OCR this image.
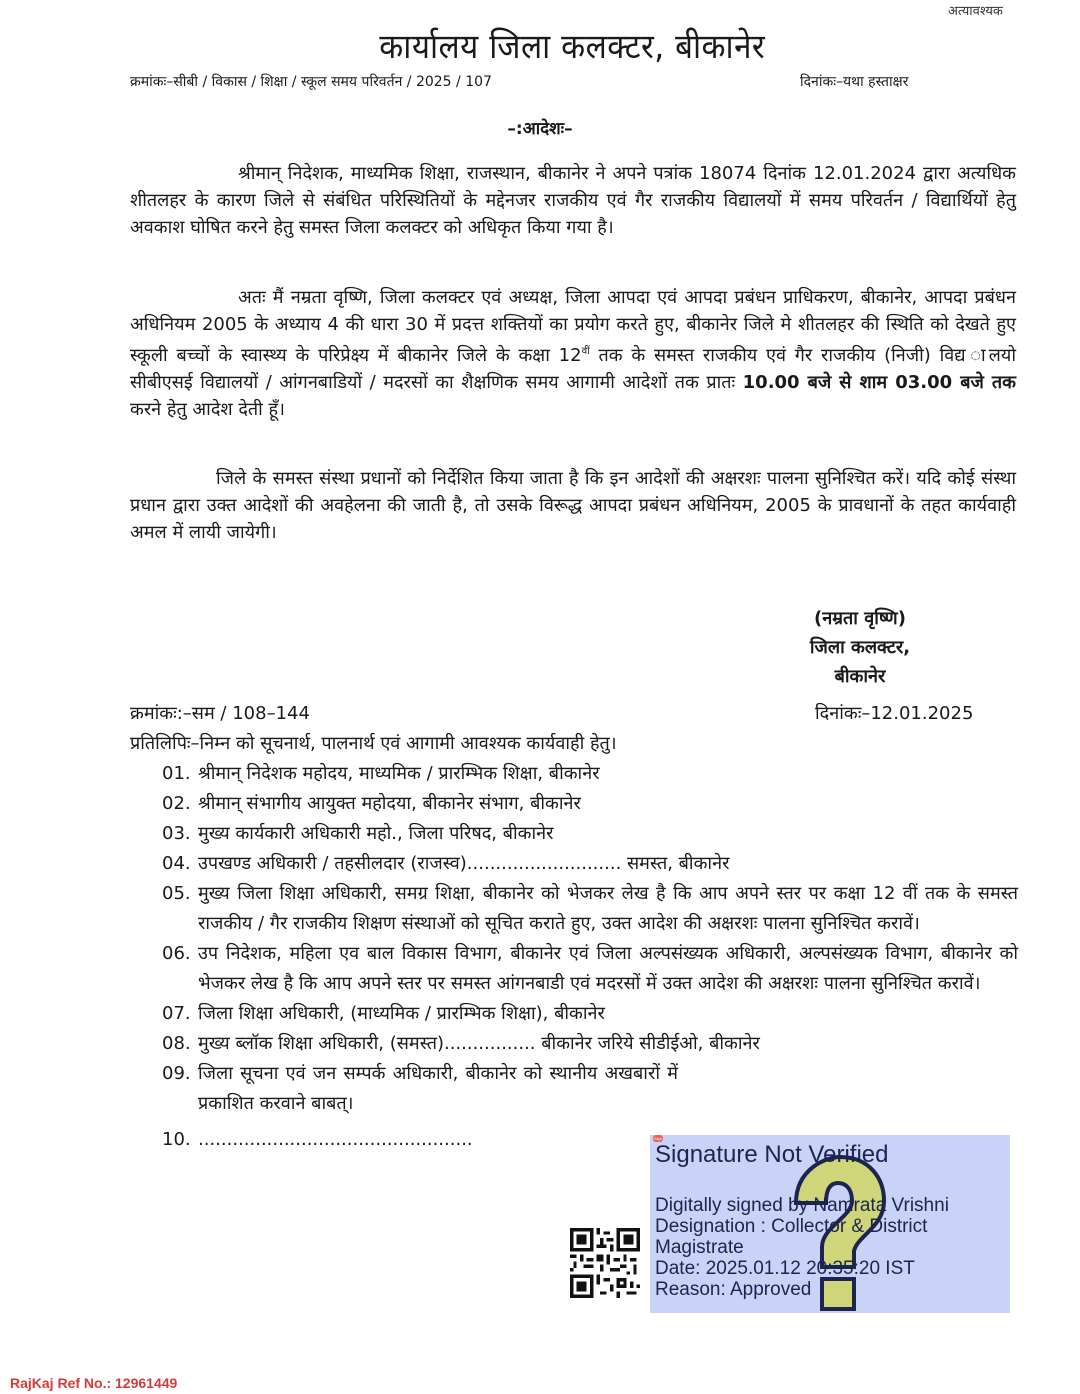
अत्यावश्यक
कार्यालय जिला कलक्टर, बीकानेर
क्रमांकः–सीबी / विकास / शिक्षा / स्कूल समय परिवर्तन / 2025 / 107	दिनांकः–यथा हस्ताक्षर
–:आदेशः–
श्रीमान् निदेशक, माध्यमिक शिक्षा, राजस्थान, बीकानेर ने अपने पत्रांक 18074 दिनांक 12.01.2024 द्वारा अत्यधिक शीतलहर के कारण जिले से संबंधित परिस्थितियों के मद्देनजर राजकीय एवं गैर राजकीय विद्यालयों में समय परिवर्तन / विद्यार्थियों हेतु अवकाश घोषित करने हेतु समस्त जिला कलक्टर को अधिकृत किया गया है।
अतः मैं नम्रता वृष्णि, जिला कलक्टर एवं अध्यक्ष, जिला आपदा एवं आपदा प्रबंधन प्राधिकरण, बीकानेर, आपदा प्रबंधन अधिनियम 2005 के अध्याय 4 की धारा 30 में प्रदत्त शक्तियों का प्रयोग करते हुए, बीकानेर जिले मे शीतलहर की स्थिति को देखते हुए स्कूली बच्चों के स्वास्थ्य के परिप्रेक्ष्य में बीकानेर जिले के कक्षा $12^{वीं}$ तक के समस्त राजकीय एवं गैर राजकीय (निजी) विद्य ालयो सीबीएसई विद्यालयों / आंगनबाडियों / मदरसों का शैक्षणिक समय आगामी आदेशों तक प्रातः 10.00 बजे से शाम 03.00 बजे तक करने हेतु आदेश देती हूँ।
जिले के समस्त संस्था प्रधानों को निर्देशित किया जाता है कि इन आदेशों की अक्षरशः पालना सुनिश्चित करें। यदि कोई संस्था प्रधान द्वारा उक्त आदेशों की अवहेलना की जाती है, तो उसके विरूद्ध आपदा प्रबंधन अधिनियम, 2005 के प्रावधानों के तहत कार्यवाही अमल में लायी जायेगी।
(नम्रता वृष्णि)
जिला कलक्टर,
बीकानेर
क्रमांकः:–सम / 108–144	दिनांकः–12.01.2025
प्रतिलिपिः–निम्न को सूचनार्थ, पालनार्थ एवं आगामी आवश्यक कार्यवाही हेतु।
01. श्रीमान् निदेशक महोदय, माध्यमिक / प्रारम्भिक शिक्षा, बीकानेर
02. श्रीमान् संभागीय आयुक्त महोदया, बीकानेर संभाग, बीकानेर
03. मुख्य कार्यकारी अधिकारी महो., जिला परिषद, बीकानेर
04. उपखण्ड अधिकारी / तहसीलदार (राजस्व)........................... समस्त, बीकानेर
05. मुख्य जिला शिक्षा अधिकारी, समग्र शिक्षा, बीकानेर को भेजकर लेख है कि आप अपने स्तर पर कक्षा 12 वीं तक के समस्त राजकीय / गैर राजकीय शिक्षण संस्थाओं को सूचित कराते हुए, उक्त आदेश की अक्षरशः पालना सुनिश्चित करावें।
06. उप निदेशक, महिला एव बाल विकास विभाग, बीकानेर एवं जिला अल्पसंख्यक अधिकारी, अल्पसंख्यक विभाग, बीकानेर को भेजकर लेख है कि आप अपने स्तर पर समस्त आंगनबाडी एवं मदरसों में उक्त आदेश की अक्षरशः पालना सुनिश्चित करावें।
07. जिला शिक्षा अधिकारी, (माध्यमिक / प्रारम्भिक शिक्षा), बीकानेर
08. मुख्य ब्लॉक शिक्षा अधिकारी, (समस्त)................ बीकानेर जरिये सीडीईओ, बीकानेर
09. जिला सूचना एवं जन सम्पर्क अधिकारी, बीकानेर को स्थानीय अखबारों में प्रकाशित करवाने बाबत्।
10. ................................................	Sign
Signature Not Verified
Digitally signed by Namrata Vrishni
Designation : Collector & District
Magistrate
Date: 2025.01.12 20:35:20 IST
Reason: Approved
RajKaj Ref No.: 12961449
